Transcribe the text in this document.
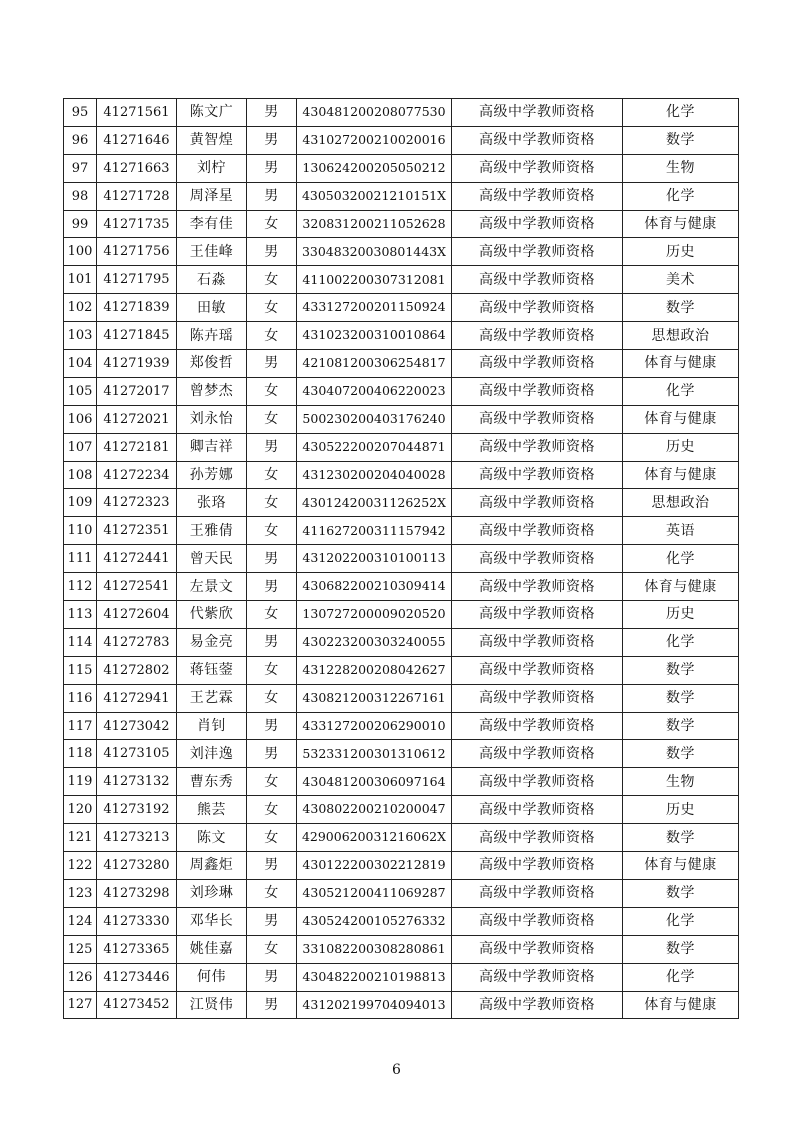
95	41271561	陈文广	男	430481200208077530	高级中学教师资格	化学
96	41271646	黄智煌	男	431027200210020016	高级中学教师资格	数学
97	41271663	刘柠	男	130624200205050212	高级中学教师资格	生物
98	41271728	周泽星	男	43050320021210151X	高级中学教师资格	化学
99	41271735	李有佳	女	320831200211052628	高级中学教师资格	体育与健康
100	41271756	王佳峰	男	33048320030801443X	高级中学教师资格	历史
101	41271795	石淼	女	411002200307312081	高级中学教师资格	美术
102	41271839	田敏	女	433127200201150924	高级中学教师资格	数学
103	41271845	陈卉瑶	女	431023200310010864	高级中学教师资格	思想政治
104	41271939	郑俊哲	男	421081200306254817	高级中学教师资格	体育与健康
105	41272017	曾梦杰	女	430407200406220023	高级中学教师资格	化学
106	41272021	刘永怡	女	500230200403176240	高级中学教师资格	体育与健康
107	41272181	卿吉祥	男	430522200207044871	高级中学教师资格	历史
108	41272234	孙芳娜	女	431230200204040028	高级中学教师资格	体育与健康
109	41272323	张珞	女	43012420031126252X	高级中学教师资格	思想政治
110	41272351	王雅倩	女	411627200311157942	高级中学教师资格	英语
111	41272441	曾天民	男	431202200310100113	高级中学教师资格	化学
112	41272541	左景文	男	430682200210309414	高级中学教师资格	体育与健康
113	41272604	代紫欣	女	130727200009020520	高级中学教师资格	历史
114	41272783	易金亮	男	430223200303240055	高级中学教师资格	化学
115	41272802	蒋钰蓥	女	431228200208042627	高级中学教师资格	数学
116	41272941	王艺霖	女	430821200312267161	高级中学教师资格	数学
117	41273042	肖钊	男	433127200206290010	高级中学教师资格	数学
118	41273105	刘沣逸	男	532331200301310612	高级中学教师资格	数学
119	41273132	曹东秀	女	430481200306097164	高级中学教师资格	生物
120	41273192	熊芸	女	430802200210200047	高级中学教师资格	历史
121	41273213	陈文	女	42900620031216062X	高级中学教师资格	数学
122	41273280	周鑫炬	男	430122200302212819	高级中学教师资格	体育与健康
123	41273298	刘珍琳	女	430521200411069287	高级中学教师资格	数学
124	41273330	邓华长	男	430524200105276332	高级中学教师资格	化学
125	41273365	姚佳嘉	女	331082200308280861	高级中学教师资格	数学
126	41273446	何伟	男	430482200210198813	高级中学教师资格	化学
127	41273452	江贤伟	男	431202199704094013	高级中学教师资格	体育与健康
6
